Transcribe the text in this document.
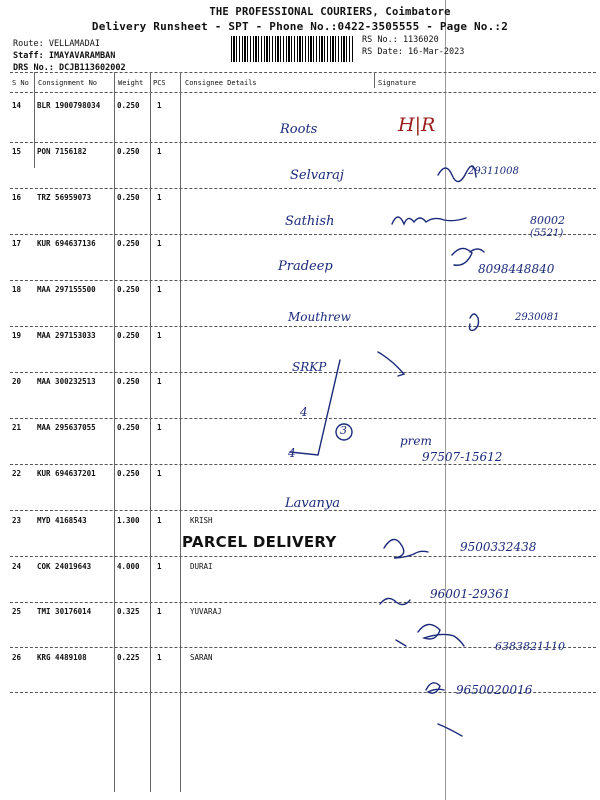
THE PROFESSIONAL COURIERS, Coimbatore
Delivery Runsheet - SPT - Phone No.:0422-3505555 - Page No.:2
Route: VELLAMADAI
Staff: IMAYAVARAMBAN
DRS No.: DCJB113602002
RS No.: 1136020
RS Date: 16-Mar-2023
S No Consignment No	Weight PCS	Consignee Details	Signature
14 BLR 1900798034 0.250 1
15 PON 7156182	0.250 1
16 TRZ 56959073	0.250 1
17 KUR 694637136	0.250 1
18 MAA 297155500	0.250 1
19 MAA 297153033	0.250 1
20 MAA 300232513	0.250 1
21 MAA 295637055	0.250 1
22 KUR 694637201	0.250 1
23 MYD 4168543	1.300 1	KRISH
24 COK 24019643	4.000 1	DURAI
25 TMI 30176014	0.325 1	YUVARAJ
26 KRG 4489108	0.225 1	SARAN
PARCEL DELIVERY
Roots
Selvaraj
Sathish
Pradeep
Mouthrew
SRKP
4
4
3
Lavanya
H|R
29311008
80002
(5521)
8098448840
2930081
prem
97507-15612
9500332438
96001-29361
6383821110
9650020016
